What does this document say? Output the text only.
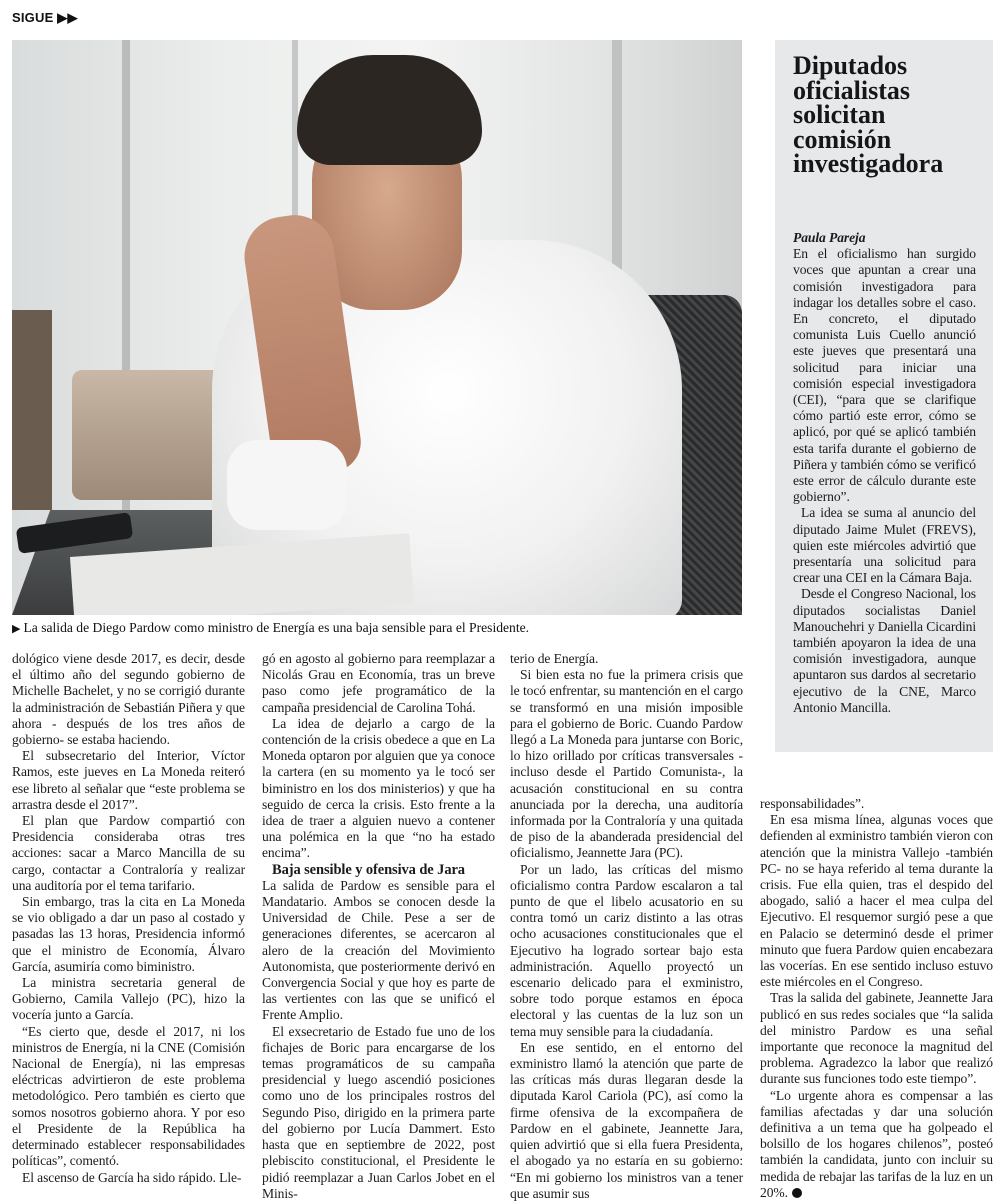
SIGUE ▶▶
▶ La salida de Diego Pardow como ministro de Energía es una baja sensible para el Presidente.

dológico viene desde 2017, es decir, desde el último año del segundo gobierno de Michelle Bachelet, y no se corrigió durante la administración de Sebastián Piñera y que ahora - después de los tres años de gobierno- se estaba haciendo.

El subsecretario del Interior, Víctor Ramos, este jueves en La Moneda reiteró ese libreto al señalar que “este problema se arrastra desde el 2017”.

El plan que Pardow compartió con Presidencia consideraba otras tres acciones: sacar a Marco Mancilla de su cargo, contactar a Contraloría y realizar una auditoría por el tema tarifario.

Sin embargo, tras la cita en La Moneda se vio obligado a dar un paso al costado y pasadas las 13 horas, Presidencia informó que el ministro de Economía, Álvaro García, asumiría como biministro.

La ministra secretaria general de Gobierno, Camila Vallejo (PC), hizo la vocería junto a García.

“Es cierto que, desde el 2017, ni los ministros de Energía, ni la CNE (Comisión Nacional de Energía), ni las empresas eléctricas advirtieron de este problema metodológico. Pero también es cierto que somos nosotros gobierno ahora. Y por eso el Presidente de la República ha determinado establecer responsabilidades políticas”, comentó.

El ascenso de García ha sido rápido. Lle-

gó en agosto al gobierno para reemplazar a Nicolás Grau en Economía, tras un breve paso como jefe programático de la campaña presidencial de Carolina Tohá.

La idea de dejarlo a cargo de la contención de la crisis obedece a que en La Moneda optaron por alguien que ya conoce la cartera (en su momento ya le tocó ser biministro en los dos ministerios) y que ha seguido de cerca la crisis. Esto frente a la idea de traer a alguien nuevo a contener una polémica en la que “no ha estado encima”.

Baja sensible y ofensiva de Jara

La salida de Pardow es sensible para el Mandatario. Ambos se conocen desde la Universidad de Chile. Pese a ser de generaciones diferentes, se acercaron al alero de la creación del Movimiento Autonomista, que posteriormente derivó en Convergencia Social y que hoy es parte de las vertientes con las que se unificó el Frente Amplio.

El exsecretario de Estado fue uno de los fichajes de Boric para encargarse de los temas programáticos de su campaña presidencial y luego ascendió posiciones como uno de los principales rostros del Segundo Piso, dirigido en la primera parte del gobierno por Lucía Dammert. Esto hasta que en septiembre de 2022, post plebiscito constitucional, el Presidente le pidió reemplazar a Juan Carlos Jobet en el Minis-

terio de Energía.

Si bien esta no fue la primera crisis que le tocó enfrentar, su mantención en el cargo se transformó en una misión imposible para el gobierno de Boric. Cuando Pardow llegó a La Moneda para juntarse con Boric, lo hizo orillado por críticas transversales -incluso desde el Partido Comunista-, la acusación constitucional en su contra anunciada por la derecha, una auditoría informada por la Contraloría y una quitada de piso de la abanderada presidencial del oficialismo, Jeannette Jara (PC).

Por un lado, las críticas del mismo oficialismo contra Pardow escalaron a tal punto de que el libelo acusatorio en su contra tomó un cariz distinto a las otras ocho acusaciones constitucionales que el Ejecutivo ha logrado sortear bajo esta administración. Aquello proyectó un escenario delicado para el exministro, sobre todo porque estamos en época electoral y las cuentas de la luz son un tema muy sensible para la ciudadanía.

En ese sentido, en el entorno del exministro llamó la atención que parte de las críticas más duras llegaran desde la diputada Karol Cariola (PC), así como la firme ofensiva de la excompañera de Pardow en el gabinete, Jeannette Jara, quien advirtió que si ella fuera Presidenta, el abogado ya no estaría en su gobierno: “En mi gobierno los ministros van a tener que asumir sus

responsabilidades”.

En esa misma línea, algunas voces que defienden al exministro también vieron con atención que la ministra Vallejo -también PC- no se haya referido al tema durante la crisis. Fue ella quien, tras el despido del abogado, salió a hacer el mea culpa del Ejecutivo. El resquemor surgió pese a que en Palacio se determinó desde el primer minuto que fuera Pardow quien encabezara las vocerías. En ese sentido incluso estuvo este miércoles en el Congreso.

Tras la salida del gabinete, Jeannette Jara publicó en sus redes sociales que “la salida del ministro Pardow es una señal importante que reconoce la magnitud del problema. Agradezco la labor que realizó durante sus funciones todo este tiempo”.

“Lo urgente ahora es compensar a las familias afectadas y dar una solución definitiva a un tema que ha golpeado el bolsillo de los hogares chilenos”, posteó también la candidata, junto con incluir su medida de rebajar las tarifas de la luz en un 20%.

Diputados oficialistas solicitan comisión investigadora

Paula Pareja

En el oficialismo han surgido voces que apuntan a crear una comisión investigadora para indagar los detalles sobre el caso. En concreto, el diputado comunista Luis Cuello anunció este jueves que presentará una solicitud para iniciar una comisión especial investigadora (CEI), “para que se clarifique cómo partió este error, cómo se aplicó, por qué se aplicó también esta tarifa durante el gobierno de Piñera y también cómo se verificó este error de cálculo durante este gobierno”.

La idea se suma al anuncio del diputado Jaime Mulet (FREVS), quien este miércoles advirtió que presentaría una solicitud para crear una CEI en la Cámara Baja.

Desde el Congreso Nacional, los diputados socialistas Daniel Manouchehri y Daniella Cicardini también apoyaron la idea de una comisión investigadora, aunque apuntaron sus dardos al secretario ejecutivo de la CNE, Marco Antonio Mancilla.
